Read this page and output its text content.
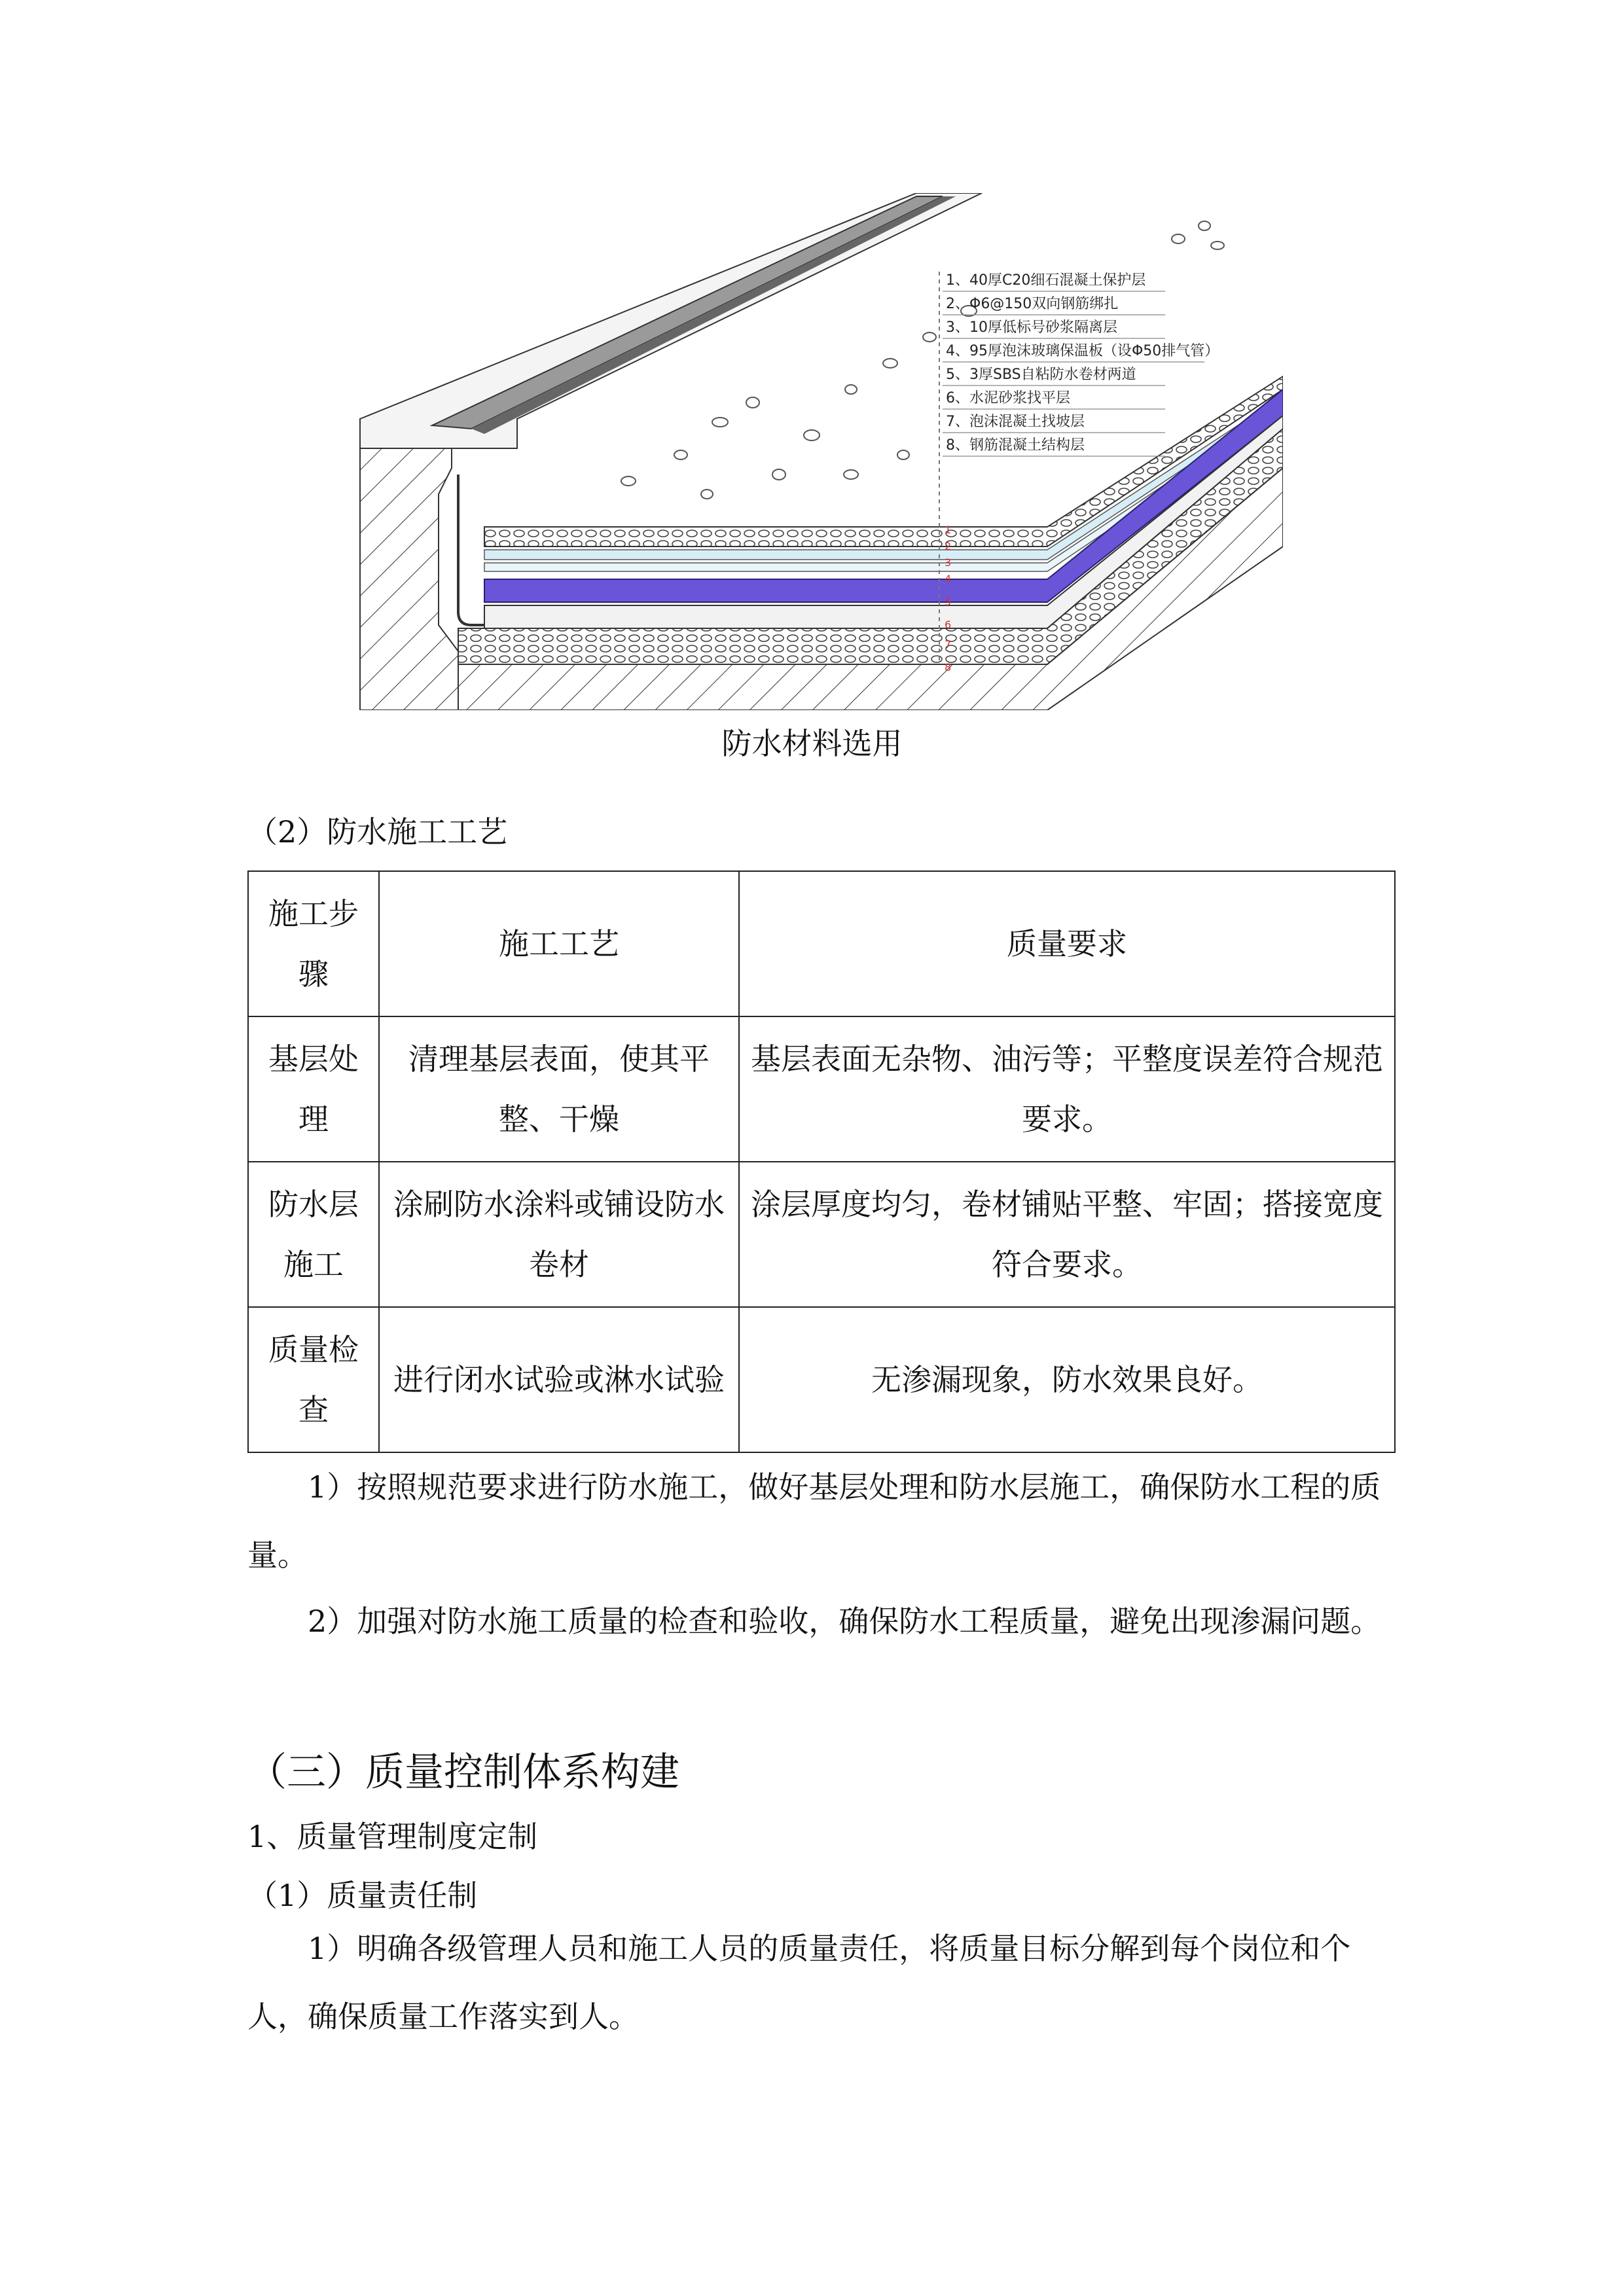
1
2
3
4
5
6
7
8
1、40厚C20细石混凝土保护层
2、Φ6@150双向钢筋绑扎
3、10厚低标号砂浆隔离层
4、95厚泡沫玻璃保温板（设Φ50排气管）
5、3厚SBS自粘防水卷材两道
6、水泥砂浆找平层
7、泡沫混凝土找坡层
8、钢筋混凝土结构层
防水材料选用
（2）防水施工工艺
施工步骤	施工工艺	质量要求
基层处理	清理基层表面，使其平整、干燥	基层表面无杂物、油污等；平整度误差符合规范要求。
防水层施工	涂刷防水涂料或铺设防水卷材	涂层厚度均匀，卷材铺贴平整、牢固；搭接宽度符合要求。
质量检查	进行闭水试验或淋水试验	无渗漏现象，防水效果良好。
1）按照规范要求进行防水施工，做好基层处理和防水层施工，确保防水工程的质量。
2）加强对防水施工质量的检查和验收，确保防水工程质量，避免出现渗漏问题。
（三）质量控制体系构建
1、质量管理制度定制
（1）质量责任制
1）明确各级管理人员和施工人员的质量责任，将质量目标分解到每个岗位和个人，确保质量工作落实到人。
